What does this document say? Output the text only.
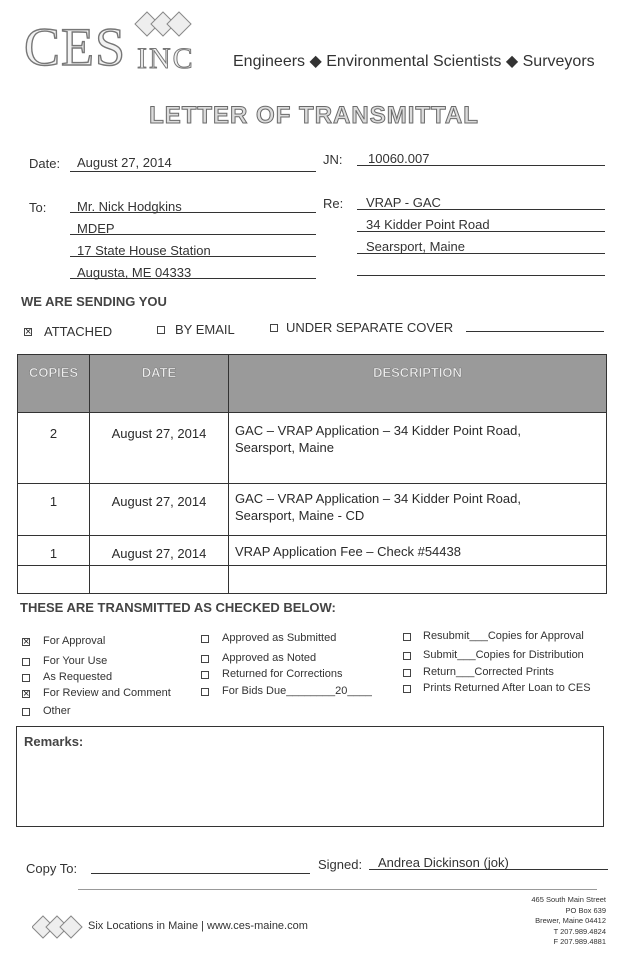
CES INC Engineers ◆ Environmental Scientists ◆ Surveyors
LETTER OF TRANSMITTAL
Date: August 27, 2014	JN: 10060.007
To: Mr. Nick Hodgkins
MDEP
17 State House Station
Augusta, ME 04333
Re: VRAP - GAC
34 Kidder Point Road
Searsport, Maine
WE ARE SENDING YOU
×
ATTACHED	BY EMAIL	UNDER SEPARATE COVER
COPIES	DATE	DESCRIPTION
2	August 27, 2014	GAC – VRAP Application – 34 Kidder Point Road,
Searsport, Maine

1	August 27, 2014	GAC – VRAP Application – 34 Kidder Point Road,
Searsport, Maine - CD

1	August 27, 2014	VRAP Application Fee – Check #54438

THESE ARE TRANSMITTED AS CHECKED BELOW:
×
For Approval
For Your Use
As Requested
×
For Review and Comment
Other
Approved as Submitted
Approved as Noted
Returned for Corrections
For Bids Due________20____
Resubmit___Copies for Approval
Submit___Copies for Distribution
Return___Corrected Prints
Prints Returned After Loan to CES
Remarks:
Copy To:	Signed: Andrea Dickinson (jok)
Six Locations in Maine | www.ces-maine.com
465 South Main Street
PO Box 639
Brewer, Maine 04412
T 207.989.4824
F 207.989.4881
